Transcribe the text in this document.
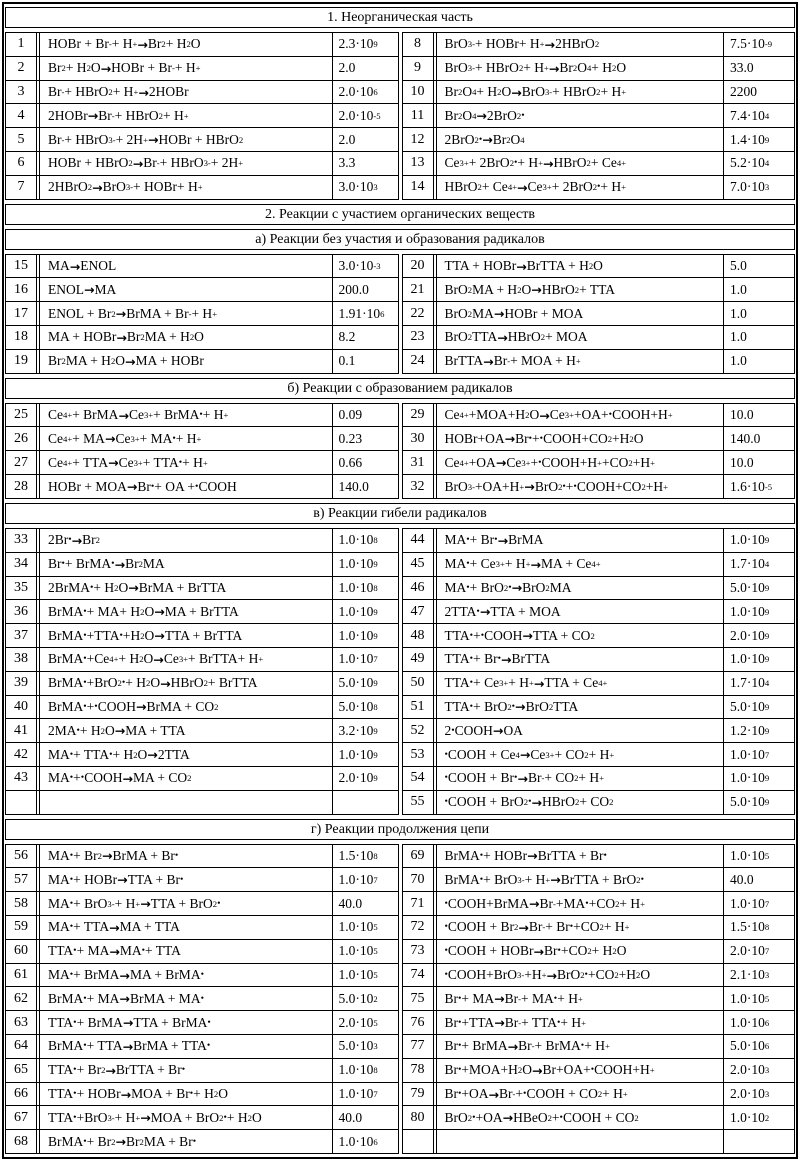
1. Неорганическая часть
1	HOBr + Br - + H + → Br 2 + H 2 O	2.3·10 9
2	Br 2 + H 2 O → HOBr + Br - + H +	2.0
3	Br - + HBrO 2 + H + → 2HOBr	2.0·10 6
4	2HOBr → Br - + HBrO 2 + H +	2.0·10 -5
5	Br - + HBrO 3 - + 2H + → HOBr + HBrO 2	2.0
6	HOBr + HBrO 2 → Br - + HBrO 3 - + 2H +	3.3
7	2HBrO 2 → BrO 3 - + HOBr+ H +	3.0·10 3
8	BrO 3 - + HOBr+ H + → 2HBrO 2	7.5·10 -9
9	BrO 3 - + HBrO 2 + H + → Br 2 O 4 + H 2 O	33.0
10	Br 2 O 4 + H 2 O → BrO 3 - + HBrO 2 + H +	2200
11	Br 2 O 4 → 2BrO 2 •	7.4·10 4
12	2BrO 2 • → Br 2 O 4	1.4·10 9
13	Ce 3+ + 2BrO 2 • + H + → HBrO 2 + Ce 4+	5.2·10 4
14	HBrO 2 + Ce 4+ → Ce 3+ + 2BrO 2 • + H +	7.0·10 3
2. Реакции с участием органических веществ
а) Реакции без участия и образования радикалов
15	MA → ENOL	3.0·10 -3
16	ENOL → MA	200.0
17	ENOL + Br 2 → BrMA + Br - + H +	1.91·10 6
18	MA + HOBr → Br 2 MA + H 2 O	8.2
19	Br 2 MA + H 2 O → MA + HOBr	0.1
20	TTA + HOBr → BrTTA + H 2 O	5.0
21	BrO 2 MA + H 2 O → HBrO 2 + TTA	1.0
22	BrO 2 MA → HOBr + MOA	1.0
23	BrO 2 TTA → HBrO 2 + MOA	1.0
24	BrTTA → Br - + MOA + H +	1.0
б) Реакции с образованием радикалов
25	Ce 4+ + BrMA → Ce 3+ + BrMA • + H +	0.09
26	Ce 4+ + MA → Ce 3+ + MA • + H +	0.23
27	Ce 4+ + TTA → Ce 3+ + TTA • + H +	0.66
28	HOBr + MOA → Br • + OA + • COOH	140.0
29	Ce 4+ +MOA+H 2 O → Ce 3+ +OA+ • COOH+H +	10.0
30	HOBr+OA → Br • + • COOH+CO 2 +H 2 O	140.0
31	Ce 4+ +OA → Ce 3+ + • COOH+H + +CO 2 +H +	10.0
32	BrO 3 - +OA+H + → BrO 2 • + • COOH+CO 2 +H +	1.6·10 -5
в) Реакции гибели радикалов
33	2Br • → Br 2	1.0·10 8
34	Br • + BrMA • → Br 2 MA	1.0·10 9
35	2BrMA • + H 2 O → BrMA + BrTTA	1.0·10 8
36	BrMA • + MA+ H 2 O → MA + BrTTA	1.0·10 9
37	BrMA • +TTA • +H 2 O → TTA + BrTTA	1.0·10 9
38	BrMA • +Ce 4+ + H 2 O → Ce 3+ + BrTTA+ H +	1.0·10 7
39	BrMA • +BrO 2 • + H 2 O → HBrO 2 + BrTTA	5.0·10 9
40	BrMA • + • COOH → BrMA + CO 2	5.0·10 8
41	2MA • + H 2 O → MA + TTA	3.2·10 9
42	MA • + TTA • + H 2 O → 2TTA	1.0·10 9
43	MA • + • COOH → MA + CO 2	2.0·10 9
44	MA • + Br • → BrMA	1.0·10 9
45	MA • + Ce 3+ + H + → MA + Ce 4+	1.7·10 4
46	MA • + BrO 2 • → BrO 2 MA	5.0·10 9
47	2TTA • → TTA + MOA	1.0·10 9
48	TTA • + • COOH → TTA + CO 2	2.0·10 9
49	TTA • + Br • → BrTTA	1.0·10 9
50	TTA • + Ce 3+ + H + → TTA + Ce 4+	1.7·10 4
51	TTA • + BrO 2 • → BrO 2 TTA	5.0·10 9
52	2 • COOH → OA	1.2·10 9
53	• COOH + Ce 4 → Ce 3+ + CO 2 + H +	1.0·10 7
54	• COOH + Br • → Br - + CO 2 + H +	1.0·10 9
55	• COOH + BrO 2 • → HBrO 2 + CO 2	5.0·10 9
г) Реакции продолжения цепи
56	MA • + Br 2 → BrMA + Br •	1.5·10 8
57	MA • + HOBr → TTA + Br •	1.0·10 7
58	MA • + BrO 3 - + H + → TTA + BrO 2 •	40.0
59	MA • + TTA → MA + TTA	1.0·10 5
60	TTA • + MA → MA • + TTA	1.0·10 5
61	MA • + BrMA → MA + BrMA •	1.0·10 5
62	BrMA • + MA → BrMA + MA •	5.0·10 2
63	TTA • + BrMA → TTA + BrMA •	2.0·10 5
64	BrMA • + TTA → BrMA + TTA •	5.0·10 3
65	TTA • + Br 2 → BrTTA + Br •	1.0·10 8
66	TTA • + HOBr → MOA + Br • + H 2 O	1.0·10 7
67	TTA • +BrO 3 - + H + → MOA + BrO 2 • + H 2 O	40.0
68	BrMA • + Br 2 → Br 2 MA + Br •	1.0·10 6
69	BrMA • + HOBr → BrTTA + Br •	1.0·10 5
70	BrMA • + BrO 3 - + H + → BrTTA + BrO 2 •	40.0
71	• COOH+BrMA → Br - +MA • +CO 2 + H +	1.0·10 7
72	• COOH + Br 2 → Br - + Br • +CO 2 + H +	1.5·10 8
73	• COOH + HOBr → Br • +CO 2 + H 2 O	2.0·10 7
74	• COOH+BrO 3 - +H + → BrO 2 • +CO 2 +H 2 O	2.1·10 3
75	Br • + MA → Br - + MA • + H +	1.0·10 5
76	Br • +TTA → Br - + TTA • + H +	1.0·10 6
77	Br • + BrMA → Br - + BrMA • + H +	5.0·10 6
78	Br • +MOA+H 2 O → Br+OA+ • COOH+H +	2.0·10 3
79	Br • +OA → Br - + • COOH + CO 2 + H +	2.0·10 3
80	BrO 2 • +OA → HBeO 2 + • COOH + CO 2	1.0·10 2
